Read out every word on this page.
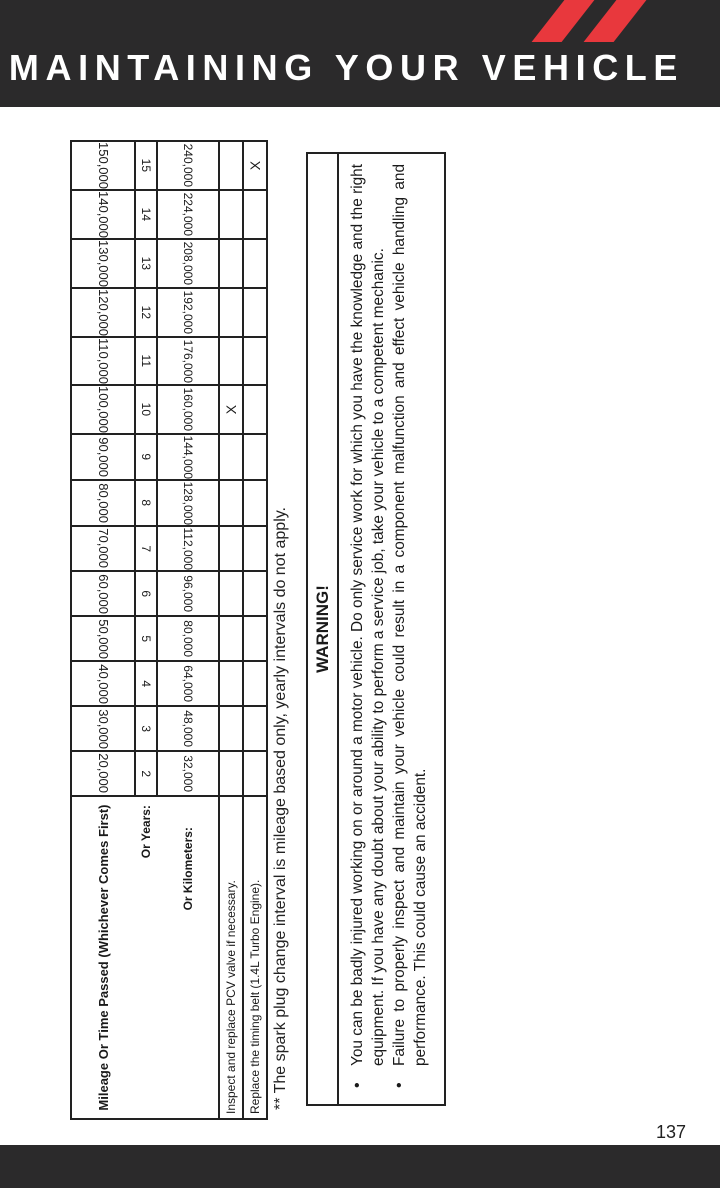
MAINTAINING YOUR VEHICLE
Mileage Or Time Passed (Whichever Comes First)	20,000	30,000	40,000	50,000	60,000	70,000	80,000	90,000	100,000	110,000	120,000	130,000	140,000	150,000
Or Years:	2	3	4	5	6	7	8	9	10	11	12	13	14	15
Or Kilometers:	32,000	48,000	64,000	80,000	96,000	112,000	128,000	144,000	160,000	176,000	192,000	208,000	224,000	240,000
Inspect and replace PCV valve if necessary.									X					
Replace the timing belt (1.4L Turbo Engine).														X
** The spark plug change interval is mileage based only, yearly intervals do not apply. WARNING!	• You can be badly injured working on or around a motor vehicle. Do only service work for which you have the knowledge and the right equipment. If you have any doubt about your ability to perform a service job, take your vehicle to a competent mechanic. • Failure to properly inspect and maintain your vehicle could result in a component malfunction and effect vehicle handling and performance. This could cause an accident.
137
